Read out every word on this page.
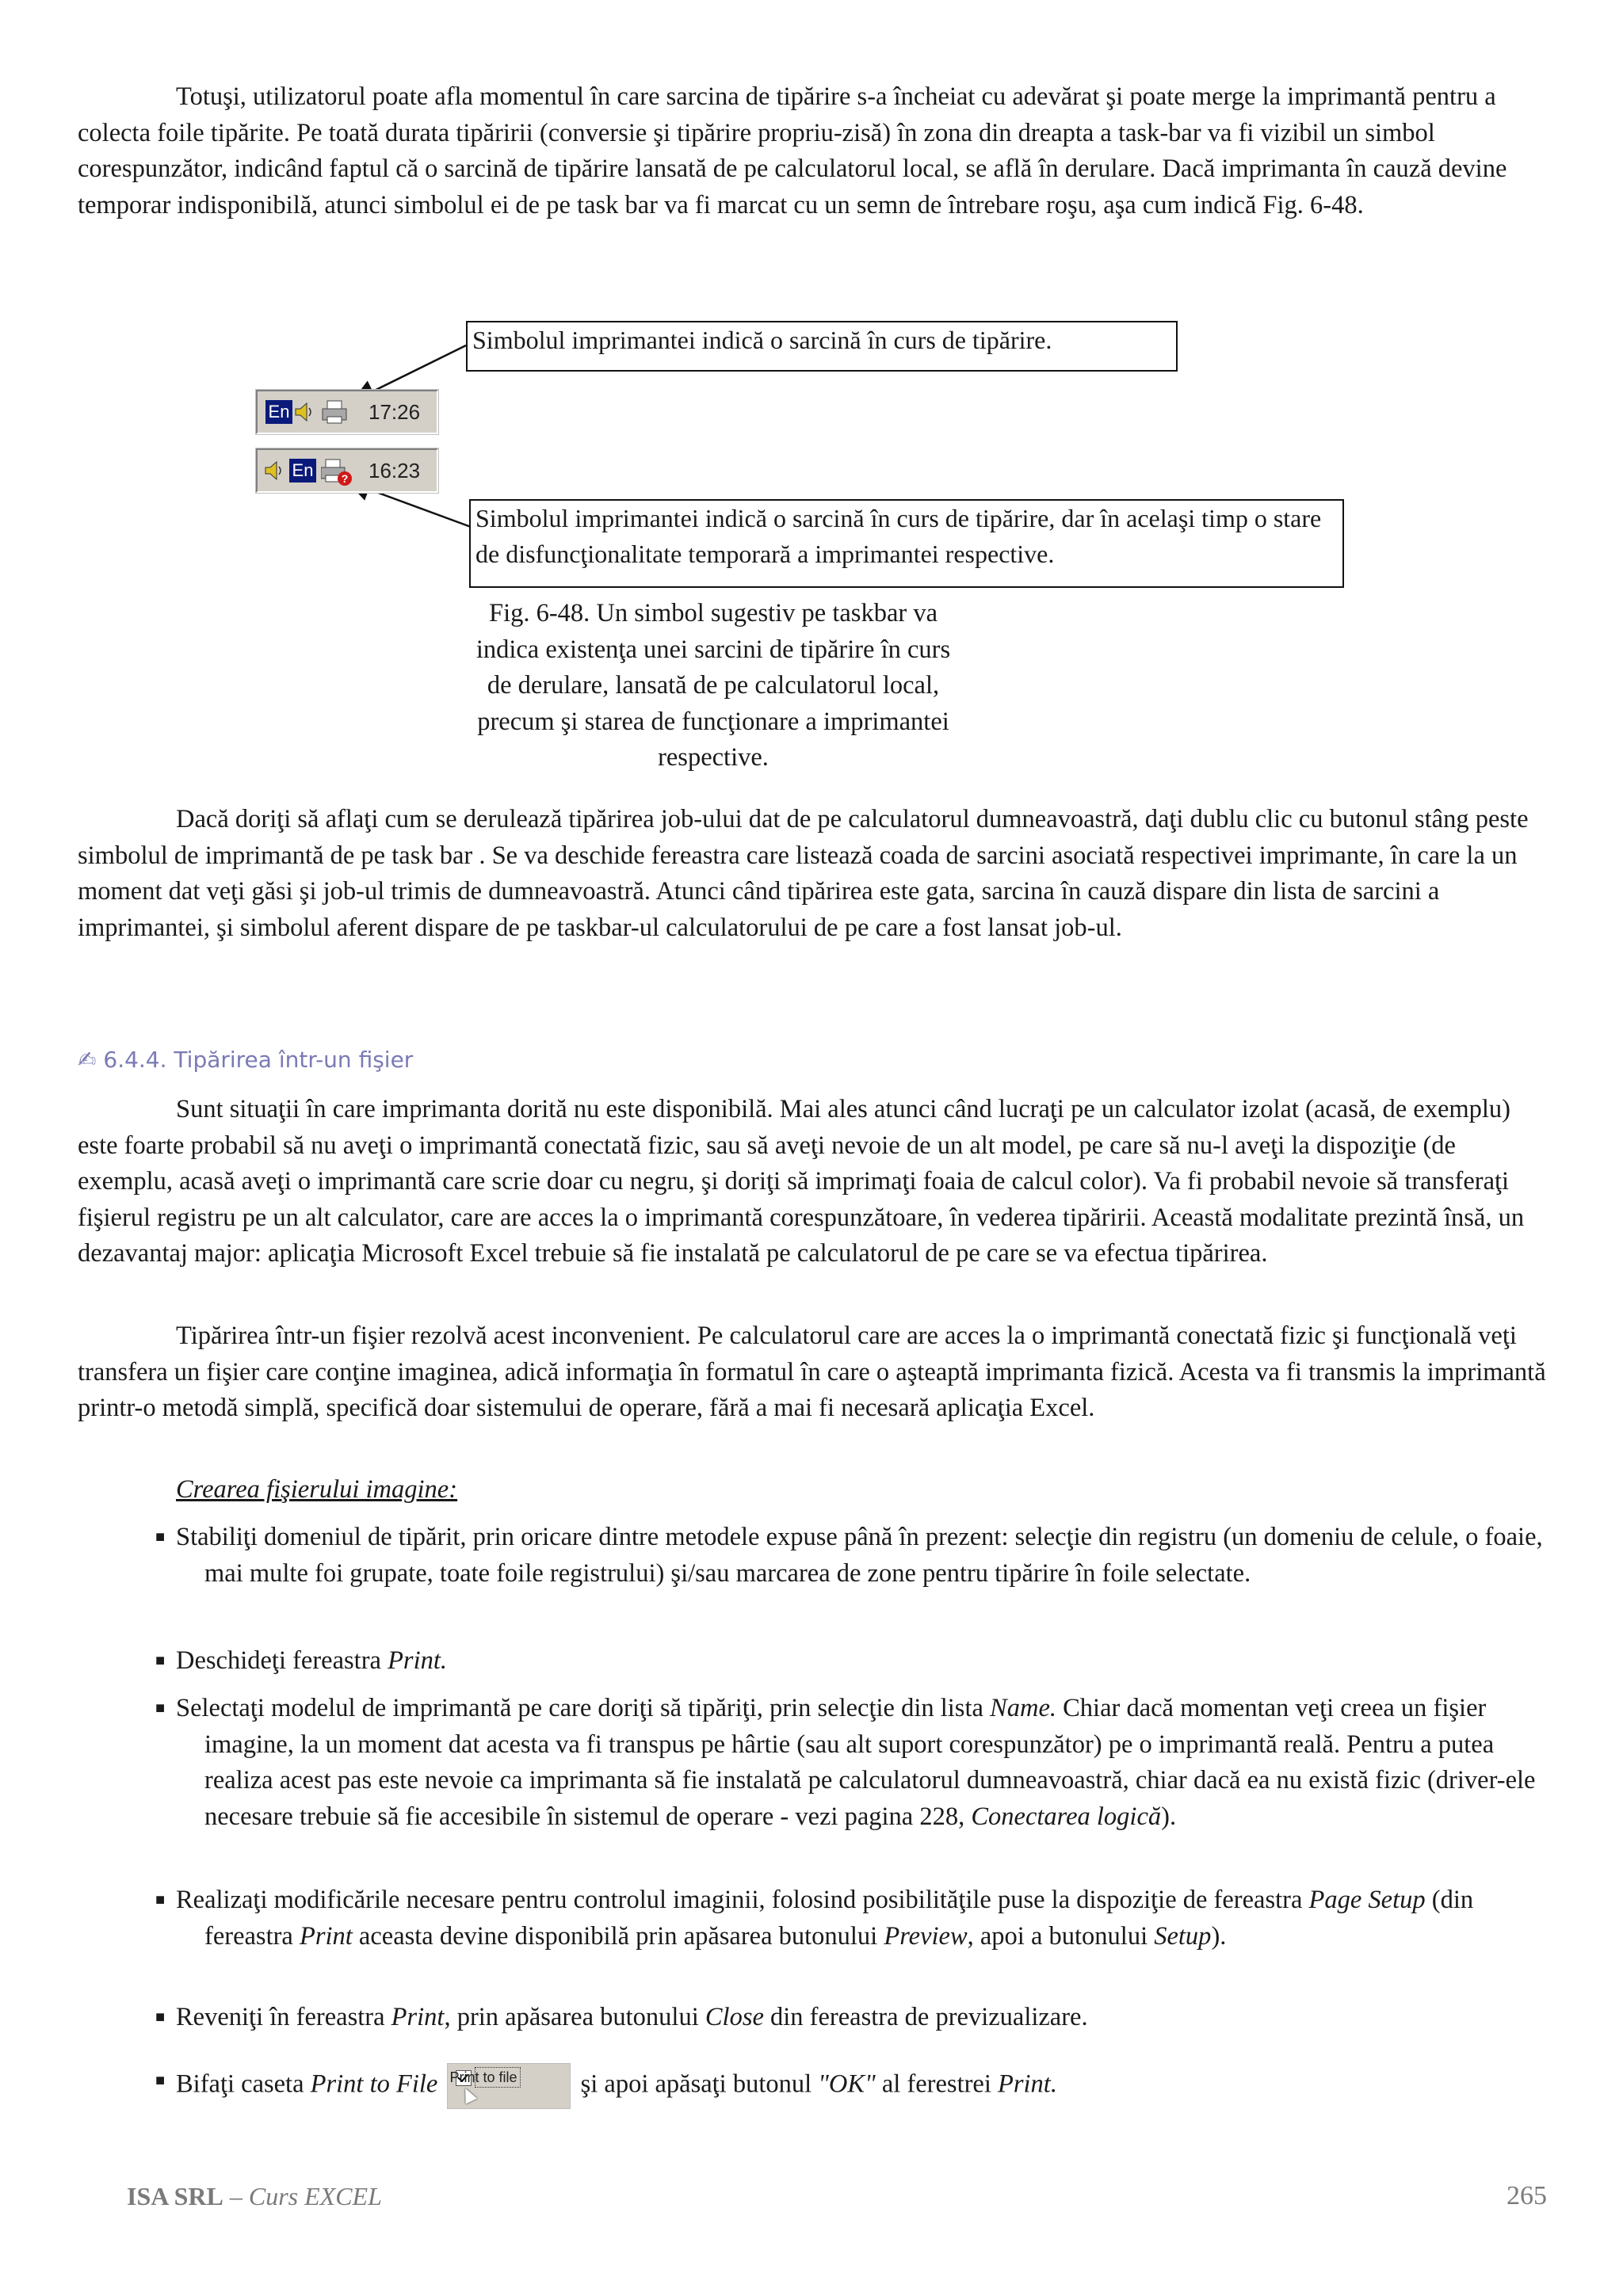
Totuşi, utilizatorul poate afla momentul în care sarcina de tipărire s-a încheiat cu adevărat şi poate merge la imprimantă pentru a colecta foile tipărite. Pe toată durata tipăririi (conversie şi tipărire propriu-zisă) în zona din dreapta a task-bar va fi vizibil un simbol corespunzător, indicând faptul că o sarcină de tipărire lansată de pe calculatorul local, se află în derulare. Dacă imprimanta în cauză devine temporar indisponibilă, atunci simbolul ei de pe task bar va fi marcat cu un semn de întrebare roşu, aşa cum indică Fig. 6-48.

Simbolul imprimantei indică o sarcină în curs de tipărire.
En	17:26
En	? 16:23
Simbolul imprimantei indică o sarcină în curs de tipărire, dar în acelaşi timp o stare de disfuncţionalitate temporară a imprimantei respective.
Fig. 6-48. Un simbol sugestiv pe taskbar va indica existenţa unei sarcini de tipărire în curs de derulare, lansată de pe calculatorul local, precum şi starea de funcţionare a imprimantei respective.

Dacă doriţi să aflaţi cum se derulează tipărirea job-ului dat de pe calculatorul dumneavoastră, daţi dublu clic cu butonul stâng peste simbolul de imprimantă de pe task bar . Se va deschide fereastra care listează coada de sarcini asociată respectivei imprimante, în care la un moment dat veţi găsi şi job-ul trimis de dumneavoastră. Atunci când tipărirea este gata, sarcina în cauză dispare din lista de sarcini a imprimantei, şi simbolul aferent dispare de pe taskbar-ul calculatorului de pe care a fost lansat job-ul.

✍ 6.4.4. Tipărirea într-un fişier

Sunt situaţii în care imprimanta dorită nu este disponibilă. Mai ales atunci când lucraţi pe un calculator izolat (acasă, de exemplu) este foarte probabil să nu aveţi o imprimantă conectată fizic, sau să aveţi nevoie de un alt model, pe care să nu-l aveţi la dispoziţie (de exemplu, acasă aveţi o imprimantă care scrie doar cu negru, şi doriţi să imprimaţi foaia de calcul color). Va fi probabil nevoie să transferaţi fişierul registru pe un alt calculator, care are acces la o imprimantă corespunzătoare, în vederea tipăririi. Această modalitate prezintă însă, un dezavantaj major: aplicaţia Microsoft Excel trebuie să fie instalată pe calculatorul de pe care se va efectua tipărirea.

Tipărirea într-un fişier rezolvă acest inconvenient. Pe calculatorul care are acces la o imprimantă conectată fizic şi funcţională veţi transfera un fişier care conţine imaginea, adică informaţia în formatul în care o aşteaptă imprimanta fizică. Acesta va fi transmis la imprimantă printr-o metodă simplă, specifică doar sistemului de operare, fără a mai fi necesară aplicaţia Excel.

Crearea fişierului imagine:
■ Stabiliţi domeniul de tipărit, prin oricare dintre metodele expuse până în prezent: selecţie din registru (un domeniu de celule, o foaie, mai multe foi grupate, toate foile registrului) şi/sau marcarea de zone pentru tipărire în foile selectate.
■ Deschideţi fereastra Print.
■ Selectaţi modelul de imprimantă pe care doriţi să tipăriţi, prin selecţie din lista Name. Chiar dacă momentan veţi creea un fişier imagine, la un moment dat acesta va fi transpus pe hârtie (sau alt suport corespunzător) pe o imprimantă reală. Pentru a putea realiza acest pas este nevoie ca imprimanta să fie instalată pe calculatorul dumneavoastră, chiar dacă ea nu există fizic (driver-ele necesare trebuie să fie accesibile în sistemul de operare - vezi pagina 228, Conectarea logică).
■ Realizaţi modificările necesare pentru controlul imaginii, folosind posibilităţile puse la dispoziţie de fereastra Page Setup (din fereastra Print aceasta devine disponibilă prin apăsarea butonului Preview, apoi a butonului Setup).
■ Reveniţi în fereastra Print, prin apăsarea butonului Close din fereastra de previzualizare.
■ Bifaţi caseta Print to File Print to file şi apoi apăsaţi butonul "OK" al ferestrei Print.
ISA SRL – Curs EXCEL	265
